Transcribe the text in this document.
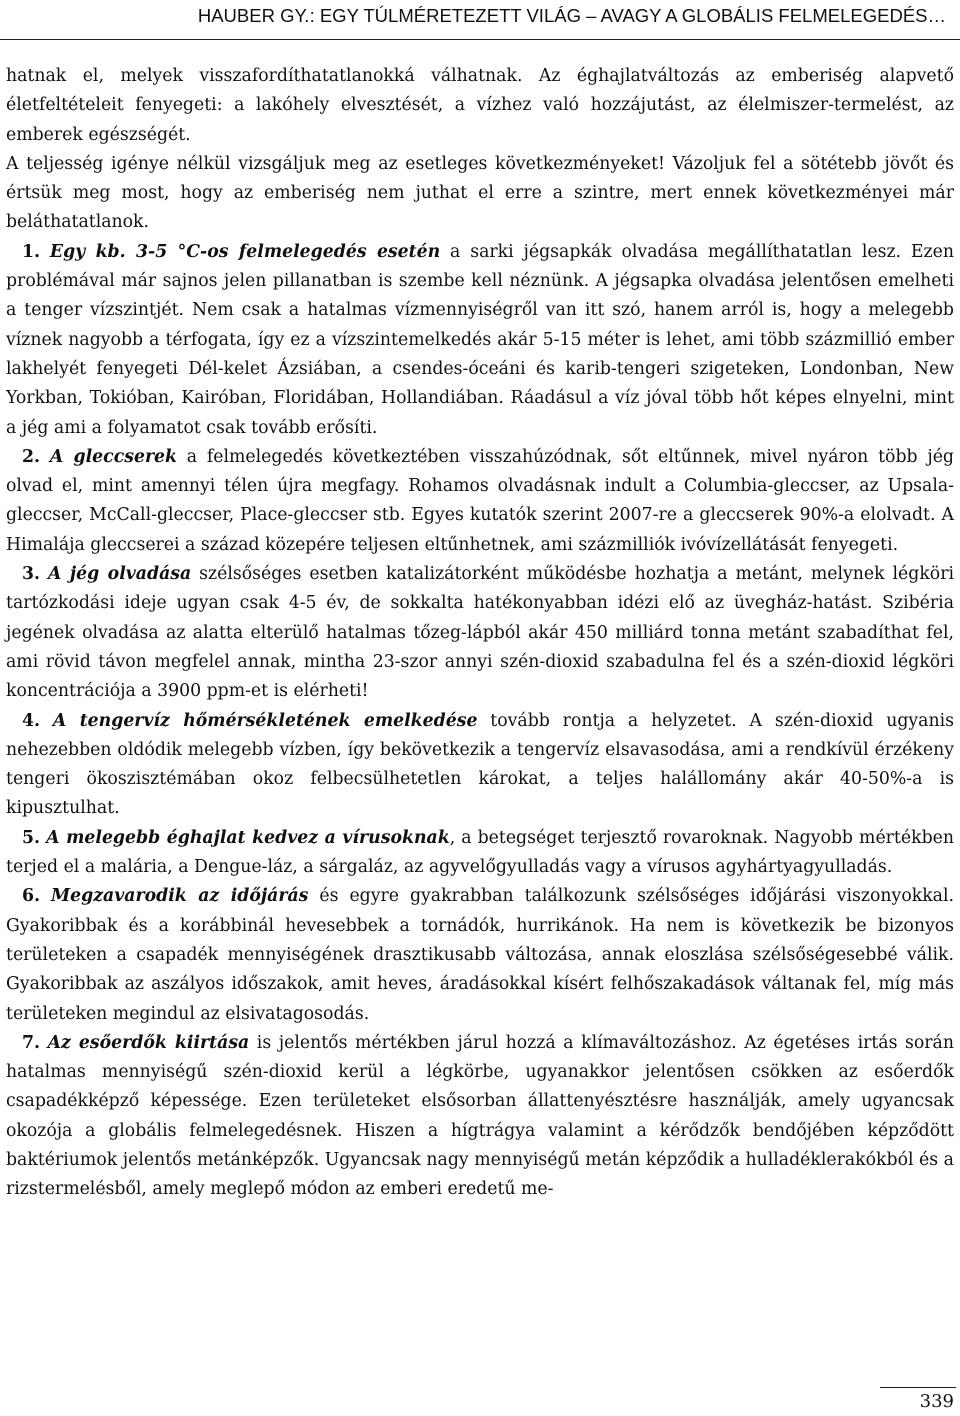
HAUBER GY.: EGY TÚLMÉRETEZETT VILÁG – AVAGY A GLOBÁLIS FELMELEGEDÉS…

hatnak el, melyek visszafordíthatatlanokká válhatnak. Az éghajlatváltozás az emberiség alapvető életfeltételeit fenyegeti: a lakóhely elvesztését, a vízhez való hozzájutást, az élelmiszer-termelést, az emberek egészségét.

A teljesség igénye nélkül vizsgáljuk meg az esetleges következményeket! Vázoljuk fel a sötétebb jövőt és értsük meg most, hogy az emberiség nem juthat el erre a szintre, mert ennek következményei már beláthatatlanok.

1. Egy kb. 3-5 °C-os felmelegedés esetén a sarki jégsapkák olvadása megállíthatatlan lesz. Ezen problémával már sajnos jelen pillanatban is szembe kell néznünk. A jégsapka olvadása jelentősen emelheti a tenger vízszintjét. Nem csak a hatalmas vízmennyiségről van itt szó, hanem arról is, hogy a melegebb víznek nagyobb a térfogata, így ez a vízszintemelkedés akár 5-15 méter is lehet, ami több százmillió ember lakhelyét fenyegeti Dél-kelet Ázsiában, a csendes-óceáni és karib-tengeri szigeteken, Londonban, New Yorkban, Tokióban, Kairóban, Floridában, Hollandiában. Ráadásul a víz jóval több hőt képes elnyelni, mint a jég ami a folyamatot csak tovább erősíti.

2. A gleccserek a felmelegedés következtében visszahúzódnak, sőt eltűnnek, mivel nyáron több jég olvad el, mint amennyi télen újra megfagy. Rohamos olvadásnak indult a Columbia-gleccser, az Upsala-gleccser, McCall-gleccser, Place-gleccser stb. Egyes kutatók szerint 2007-re a gleccserek 90%-a elolvadt. A Himalája gleccserei a század közepére teljesen eltűnhetnek, ami százmilliók ivóvízellátását fenyegeti.

3. A jég olvadása szélsőséges esetben katalizátorként működésbe hozhatja a metánt, melynek légköri tartózkodási ideje ugyan csak 4-5 év, de sokkalta hatékonyabban idézi elő az üvegház-hatást. Szibéria jegének olvadása az alatta elterülő hatalmas tőzeg-lápból akár 450 milliárd tonna metánt szabadíthat fel, ami rövid távon megfelel annak, mintha 23-szor annyi szén-dioxid szabadulna fel és a szén-dioxid légköri koncentrációja a 3900 ppm-et is elérheti!

4. A tengervíz hőmérsékletének emelkedése tovább rontja a helyzetet. A szén-dioxid ugyanis nehezebben oldódik melegebb vízben, így bekövetkezik a tengervíz elsavasodása, ami a rendkívül érzékeny tengeri ökoszisztémában okoz felbecsülhetetlen károkat, a teljes halállomány akár 40-50%-a is kipusztulhat.

5. A melegebb éghajlat kedvez a vírusoknak, a betegséget terjesztő rovaroknak. Nagyobb mértékben terjed el a malária, a Dengue-láz, a sárgaláz, az agyvelőgyulladás vagy a vírusos agyhártyagyulladás.

6. Megzavarodik az időjárás és egyre gyakrabban találkozunk szélsőséges időjárási viszonyokkal. Gyakoribbak és a korábbinál hevesebbek a tornádók, hurrikánok. Ha nem is következik be bizonyos területeken a csapadék mennyiségének drasztikusabb változása, annak eloszlása szélsőségesebbé válik. Gyakoribbak az aszályos időszakok, amit heves, áradásokkal kísért felhőszakadások váltanak fel, míg más területeken megindul az elsivatagosodás.

7. Az esőerdők kiirtása is jelentős mértékben járul hozzá a klímaváltozáshoz. Az égetéses irtás során hatalmas mennyiségű szén-dioxid kerül a légkörbe, ugyanakkor jelentősen csökken az esőerdők csapadékképző képessége. Ezen területeket elsősorban állattenyésztésre használják, amely ugyancsak okozója a globális felmelegedésnek. Hiszen a hígtrágya valamint a kérődzők bendőjében képződött baktériumok jelentős metánképzők. Ugyancsak nagy mennyiségű metán képződik a hulladéklerakókból és a rizstermelésből, amely meglepő módon az emberi eredetű me-

339
